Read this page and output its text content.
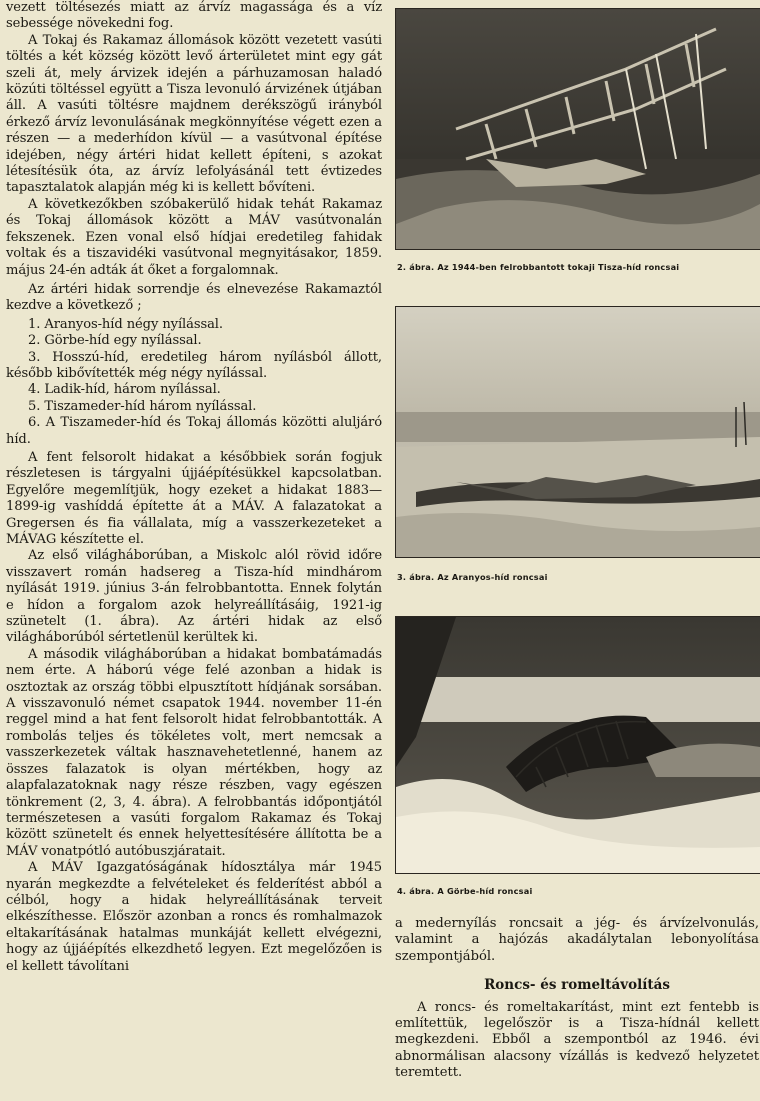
vezett töltésezés miatt az árvíz magassága és a víz sebessége növekedni fog.

A Tokaj és Rakamaz állomások között vezetett vasúti töltés a két község között levő árterületet mint egy gát szeli át, mely árvizek idején a párhuzamosan haladó közúti töltéssel együtt a Tisza levonuló árvizének útjában áll. A vasúti töltésre majdnem derékszögű irányból érkező árvíz levonulásának megkönnyítése végett ezen a részen — a mederhídon kívül — a vasútvonal építése idejében, négy ártéri hidat kellett építeni, s azokat létesítésük óta, az árvíz lefolyásánál tett évtizedes tapasztalatok alapján még ki is kellett bővíteni.

A következőkben szóbakerülő hidak tehát Rakamaz és Tokaj állomások között a MÁV vasútvonalán fekszenek. Ezen vonal első hídjai eredetileg fahidak voltak és a tiszavidéki vasútvonal megnyitásakor, 1859. május 24-én adták át őket a forgalomnak.

Az ártéri hidak sorrendje és elnevezése Rakamaztól kezdve a következő ;

1. Aranyos-híd négy nyílással.
2. Görbe-híd egy nyílással.
3. Hosszú-híd, eredetileg három nyílásból állott, később kibővítették még négy nyílással.
4. Ladik-híd, három nyílással.
5. Tiszameder-híd három nyílással.
6. A Tiszameder-híd és Tokaj állomás közötti aluljáró híd.

A fent felsorolt hidakat a későbbiek során fogjuk részletesen is tárgyalni újjáépítésükkel kapcsolatban. Egyelőre megemlítjük, hogy ezeket a hidakat 1883—1899-ig vashíddá építette át a MÁV. A falazatokat a Gregersen és fia vállalata, míg a vasszerkezeteket a MÁVAG készítette el.

Az első világháborúban, a Miskolc alól rövid időre visszavert román hadsereg a Tisza-híd mindhárom nyílását 1919. június 3-án felrobbantotta. Ennek folytán e hídon a forgalom azok helyreállításáig, 1921-ig szünetelt (1. ábra). Az ártéri hidak az első világháborúból sértetlenül kerültek ki.

A második világháborúban a hidakat bombatámadás nem érte. A háború vége felé azonban a hidak is osztoztak az ország többi elpusztított hídjának sorsában. A visszavonuló német csapatok 1944. november 11-én reggel mind a hat fent felsorolt hidat felrobbantották. A rombolás teljes és tökéletes volt, mert nemcsak a vasszerkezetek váltak hasznavehetetlenné, hanem az összes falazatok is olyan mértékben, hogy az alapfalazatoknak nagy része részben, vagy egészen tönkrement (2, 3, 4. ábra). A felrobbantás időpontjától természetesen a vasúti forgalom Rakamaz és Tokaj között szünetelt és ennek helyettesítésére állította be a MÁV vonatpótló autóbuszjáratait.

A MÁV Igazgatóságának hídosztálya már 1945 nyarán megkezdte a felvételeket és felderítést abból a célból, hogy a hidak helyreállításának terveit elkészíthesse. Először azonban a roncs és romhalmazok eltakarításának hatalmas munkáját kellett elvégezni, hogy az újjáépítés elkezdhető legyen. Ezt megelőzően is el kellett távolítani

2. ábra. Az 1944-ben felrobbantott tokaji Tisza-híd roncsai
3. ábra. Az Aranyos-híd roncsai
4. ábra. A Görbe-híd roncsai

a medernyílás roncsait a jég- és árvízelvonulás, valamint a hajózás akadálytalan lebonyolítása szempontjából.

Roncs- és romeltávolítás

A roncs- és romeltakarítást, mint ezt fentebb is említettük, legelőször is a Tisza-hídnál kellett megkezdeni. Ebből a szempontból az 1946. évi abnormálisan alacsony vízállás is kedvező helyzetet teremtett.
